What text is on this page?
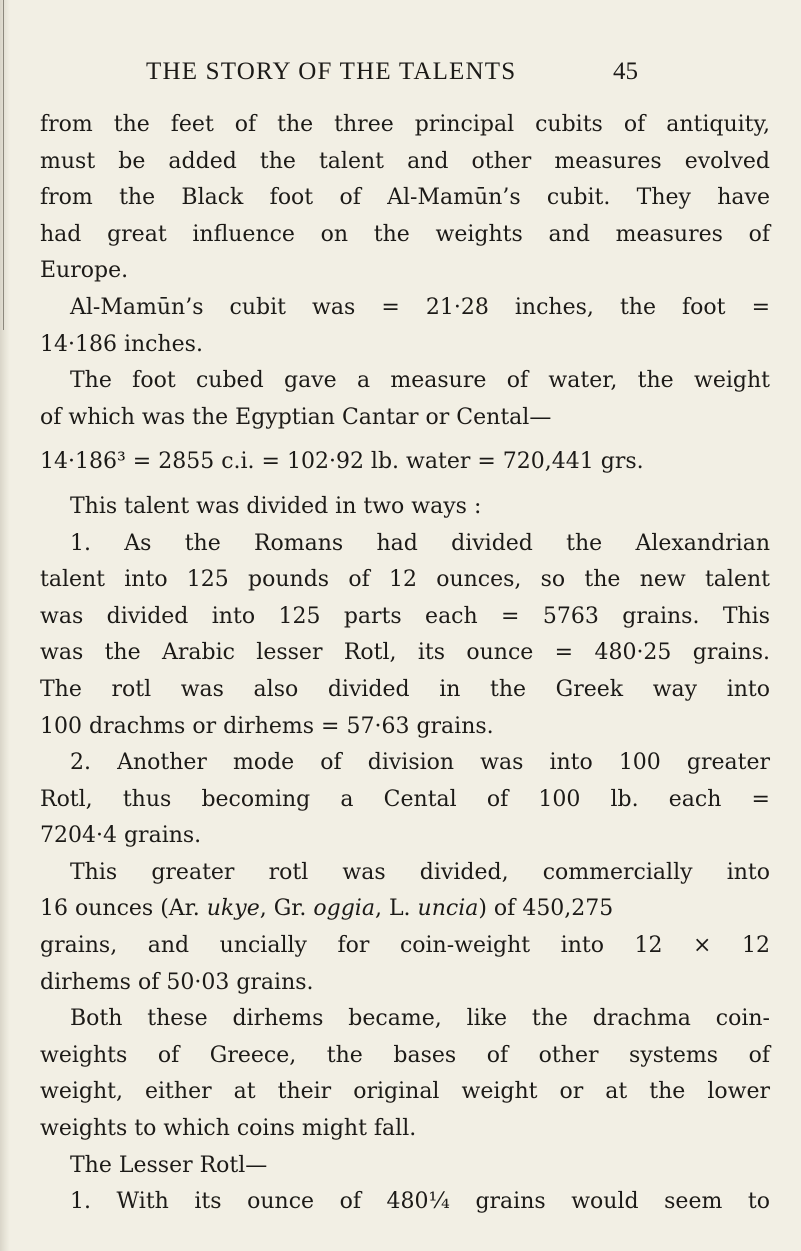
THE STORY OF THE TALENTS	45
from the feet of the three principal cubits of antiquity,
must be added the talent and other measures evolved
from the Black foot of Al-Mamūn’s cubit. They have
had great influence on the weights and measures of
Europe.
Al-Mamūn’s cubit was = 21·28 inches, the foot =
14·186 inches.
The foot cubed gave a measure of water, the weight
of which was the Egyptian Cantar or Cental—
14·186³ = 2855 c.i. = 102·92 lb. water = 720,441 grs.
This talent was divided in two ways :
1. As the Romans had divided the Alexandrian
talent into 125 pounds of 12 ounces, so the new talent
was divided into 125 parts each = 5763 grains. This
was the Arabic lesser Rotl, its ounce = 480·25 grains.
The rotl was also divided in the Greek way into
100 drachms or dirhems = 57·63 grains.
2. Another mode of division was into 100 greater
Rotl, thus becoming a Cental of 100 lb. each =
7204·4 grains.
This greater rotl was divided, commercially into
16 ounces (Ar. ukye, Gr. oggia, L. uncia) of 450,275
grains, and uncially for coin-weight into 12 × 12
dirhems of 50·03 grains.
Both these dirhems became, like the drachma coin-
weights of Greece, the bases of other systems of
weight, either at their original weight or at the lower
weights to which coins might fall.
The Lesser Rotl—
1. With its ounce of 480¼ grains would seem to
